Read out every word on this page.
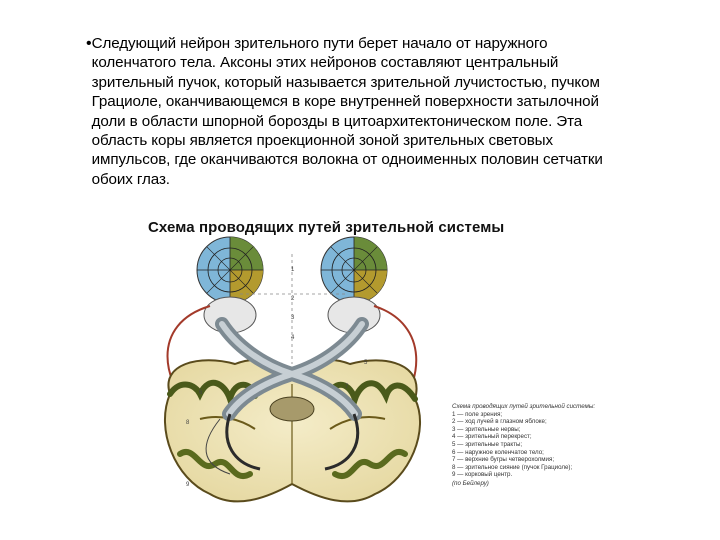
• Следующий нейрон зрительного пути берет начало от наружного коленчатого тела. Аксоны этих нейронов составляют центральный зрительный пучок, который называется зрительной лучистостью, пучком Грациоле, оканчивающемся в коре внутренней поверхности затылочной доли в области шпорной борозды в цитоархитектоническом поле. Эта область коры является проекционной зоной зрительных световых импульсов, где оканчиваются волокна от одноименных половин сетчатки обоих глаз.
Схема проводящих путей зрительной системы
1
2
3
4
5
6
7
8
9
Схема проводящих путей зрительной системы:
1 — поле зрения;
2 — ход лучей в глазном яблоке;
3 — зрительные нервы;
4 — зрительный перекрест;
5 — зрительные тракты;
6 — наружное коленчатое тело;
7 — верхние бугры четверохолмия;
8 — зрительное сияние (пучок Грациоле);
9 — корковый центр.
(по Бейлеру)
